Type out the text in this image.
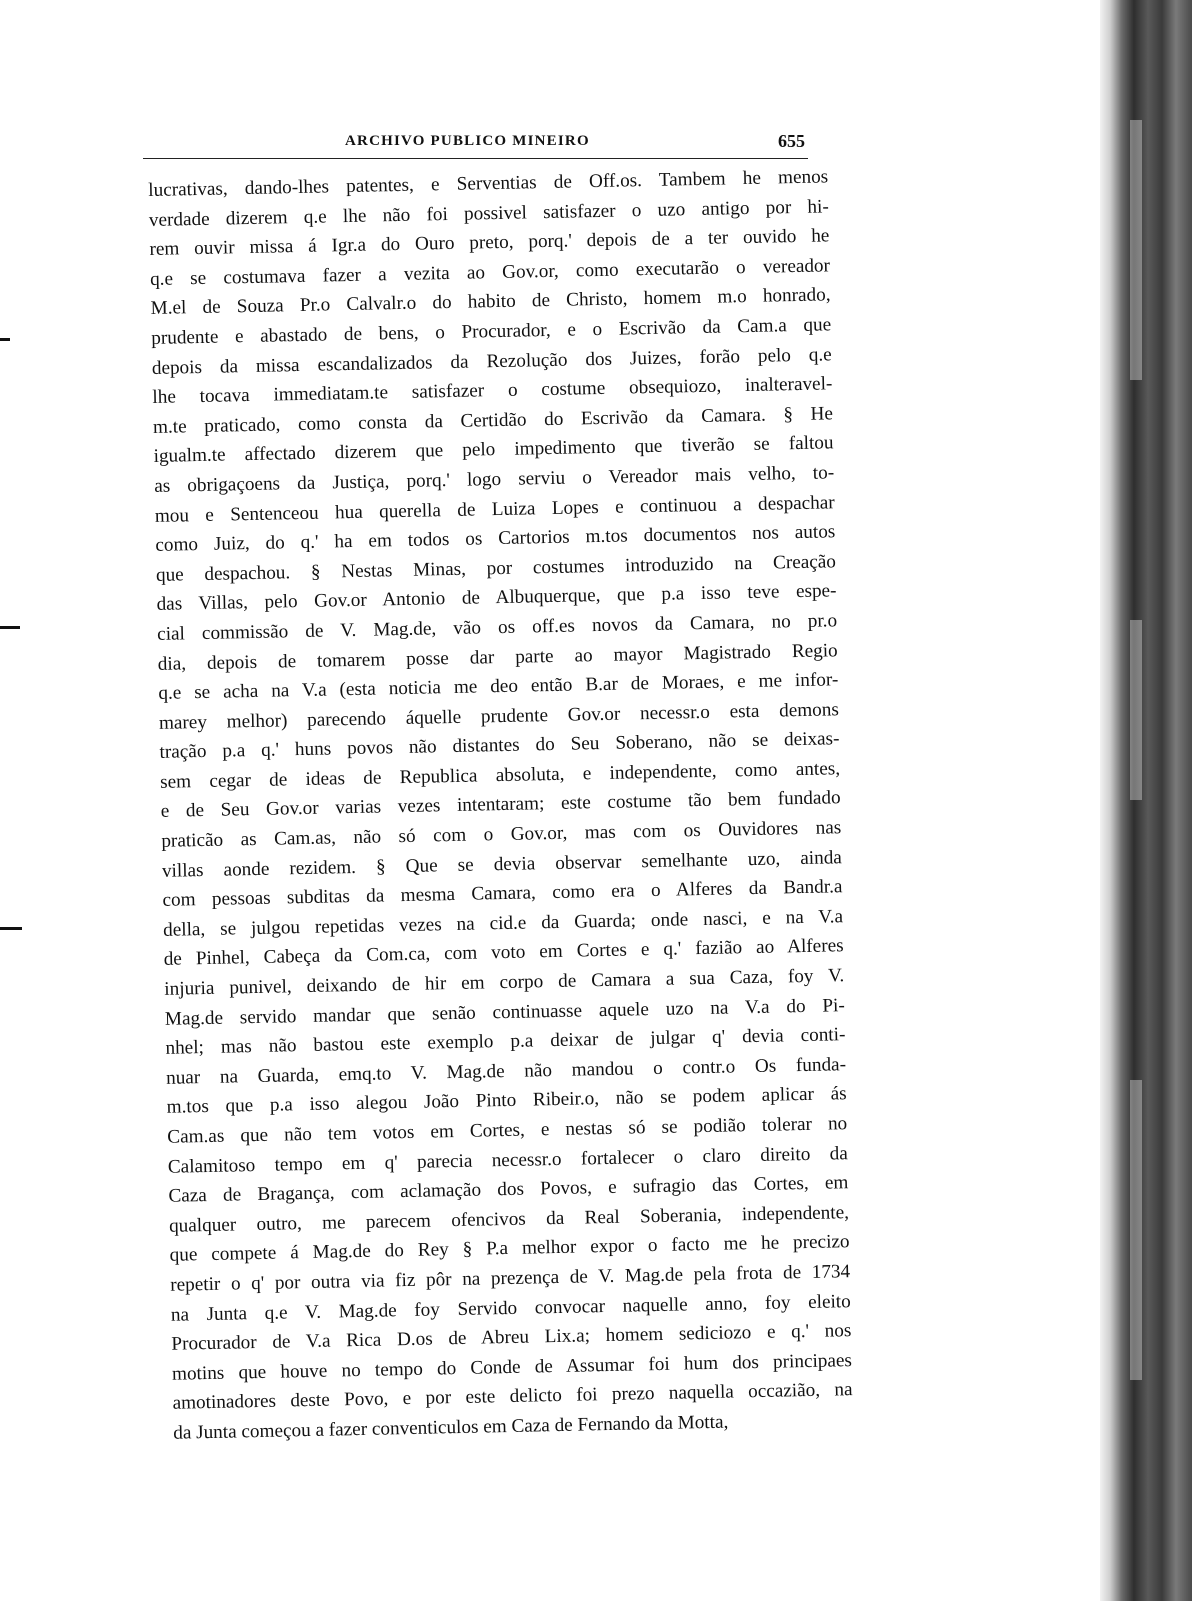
ARCHIVO PUBLICO MINEIRO	655
lucrativas, dando-lhes patentes, e Serventias de Off.os. Tambem he menos
verdade dizerem q.e lhe não foi possivel satisfazer o uzo antigo por hi-
rem ouvir missa á Igr.a do Ouro preto, porq.' depois de a ter ouvido he
q.e se costumava fazer a vezita ao Gov.or, como executarão o vereador
M.el de Souza Pr.o Calvalr.o do habito de Christo, homem m.o honrado,
prudente e abastado de bens, o Procurador, e o Escrivão da Cam.a que
depois da missa escandalizados da Rezolução dos Juizes, forão pelo q.e
lhe tocava immediatam.te satisfazer o costume obsequiozo, inalteravel-
m.te praticado, como consta da Certidão do Escrivão da Camara. § He
igualm.te affectado dizerem que pelo impedimento que tiverão se faltou
as obrigaçoens da Justiça, porq.' logo serviu o Vereador mais velho, to-
mou e Sentenceou hua querella de Luiza Lopes e continuou a despachar
como Juiz, do q.' ha em todos os Cartorios m.tos documentos nos autos
que despachou. § Nestas Minas, por costumes introduzido na Creação
das Villas, pelo Gov.or Antonio de Albuquerque, que p.a isso teve espe-
cial commissão de V. Mag.de, vão os off.es novos da Camara, no pr.o
dia, depois de tomarem posse dar parte ao mayor Magistrado Regio
q.e se acha na V.a (esta noticia me deo então B.ar de Moraes, e me infor-
marey melhor) parecendo áquelle prudente Gov.or necessr.o esta demons
tração p.a q.' huns povos não distantes do Seu Soberano, não se deixas-
sem cegar de ideas de Republica absoluta, e independente, como antes,
e de Seu Gov.or varias vezes intentaram; este costume tão bem fundado
praticão as Cam.as, não só com o Gov.or, mas com os Ouvidores nas
villas aonde rezidem. § Que se devia observar semelhante uzo, ainda
com pessoas subditas da mesma Camara, como era o Alferes da Bandr.a
della, se julgou repetidas vezes na cid.e da Guarda; onde nasci, e na V.a
de Pinhel, Cabeça da Com.ca, com voto em Cortes e q.' fazião ao Alferes
injuria punivel, deixando de hir em corpo de Camara a sua Caza, foy V.
Mag.de servido mandar que senão continuasse aquele uzo na V.a do Pi-
nhel; mas não bastou este exemplo p.a deixar de julgar q' devia conti-
nuar na Guarda, emq.to V. Mag.de não mandou o contr.o Os funda-
m.tos que p.a isso alegou João Pinto Ribeir.o, não se podem aplicar ás
Cam.as que não tem votos em Cortes, e nestas só se podião tolerar no
Calamitoso tempo em q' parecia necessr.o fortalecer o claro direito da
Caza de Bragança, com aclamação dos Povos, e sufragio das Cortes, em
qualquer outro, me parecem ofencivos da Real Soberania, independente,
que compete á Mag.de do Rey § P.a melhor expor o facto me he precizo
repetir o q' por outra via fiz pôr na prezença de V. Mag.de pela frota de 1734
na Junta q.e V. Mag.de foy Servido convocar naquelle anno, foy eleito
Procurador de V.a Rica D.os de Abreu Lix.a; homem sediciozo e q.' nos
motins que houve no tempo do Conde de Assumar foi hum dos principaes
amotinadores deste Povo, e por este delicto foi prezo naquella occazião, na
da Junta começou a fazer conventiculos em Caza de Fernando da Motta,
